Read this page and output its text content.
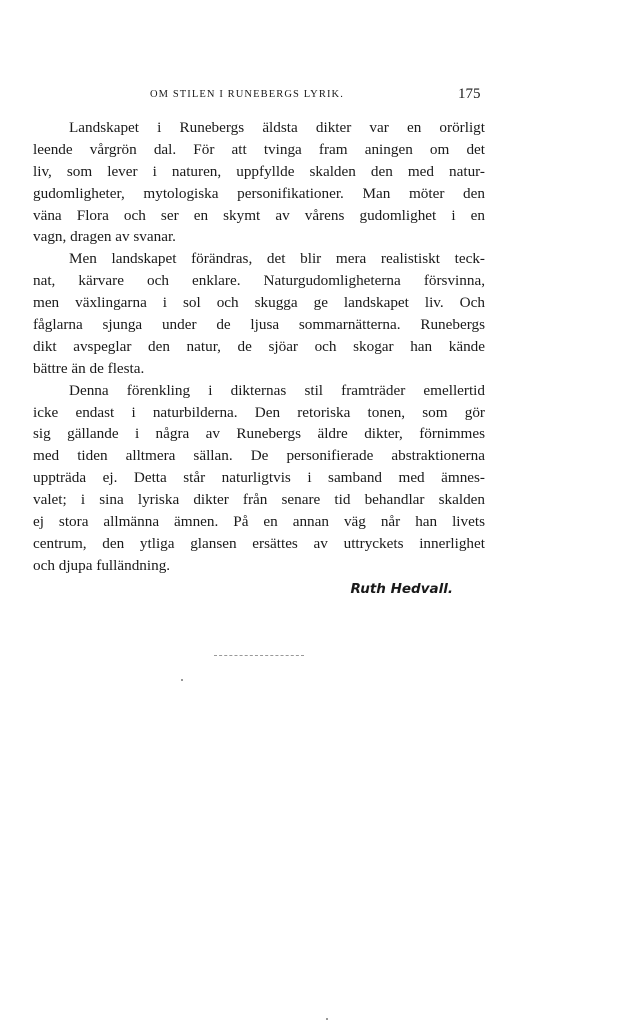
OM STILEN I RUNEBERGS LYRIK.	175
Landskapet i Runebergs äldsta dikter var en orörligt
leende vårgrön dal. För att tvinga fram aningen om det
liv, som lever i naturen, uppfyllde skalden den med natur-
gudomligheter, mytologiska personifikationer. Man möter den
väna Flora och ser en skymt av vårens gudomlighet i en
vagn, dragen av svanar.
Men landskapet förändras, det blir mera realistiskt teck-
nat, kärvare och enklare. Naturgudomligheterna försvinna,
men växlingarna i sol och skugga ge landskapet liv. Och
fåglarna sjunga under de ljusa sommarnätterna. Runebergs
dikt avspeglar den natur, de sjöar och skogar han kände
bättre än de flesta.
Denna förenkling i dikternas stil framträder emellertid
icke endast i naturbilderna. Den retoriska tonen, som gör
sig gällande i några av Runebergs äldre dikter, förnimmes
med tiden alltmera sällan. De personifierade abstraktionerna
uppträda ej. Detta står naturligtvis i samband med ämnes-
valet; i sina lyriska dikter från senare tid behandlar skalden
ej stora allmänna ämnen. På en annan väg når han livets
centrum, den ytliga glansen ersättes av uttryckets innerlighet
och djupa fulländning.
Ruth Hedvall.
